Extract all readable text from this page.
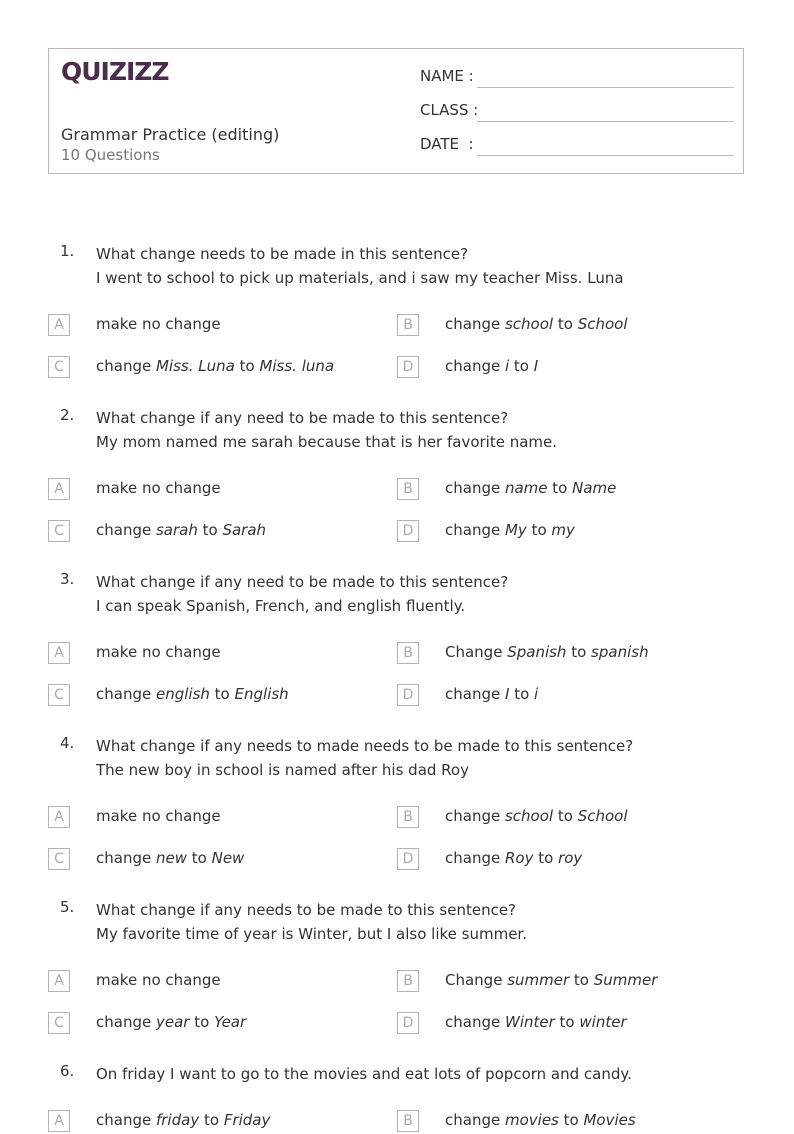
QUIZIZZ
Grammar Practice (editing)
10 Questions
NAME :
CLASS :
DATE  :
1. What change needs to be made in this sentence?
I went to school to pick up materials, and i saw my teacher Miss. Luna
A	make no change	B	change school to School
C	change Miss. Luna to Miss. luna	D	change i to I
2. What change if any need to be made to this sentence?
My mom named me sarah because that is her favorite name.
A	make no change	B	change name to Name
C	change sarah to Sarah	D	change My to my
3. What change if any need to be made to this sentence?
I can speak Spanish, French, and english fluently.
A	make no change	B	Change Spanish to spanish
C	change english to English	D	change I to i
4. What change if any needs to made needs to be made to this sentence?
The new boy in school is named after his dad Roy
A	make no change	B	change school to School
C	change new to New	D	change Roy to roy
5. What change if any needs to be made to this sentence?
My favorite time of year is Winter, but I also like summer.
A	make no change	B	Change summer to Summer
C	change year to Year	D	change Winter to winter
6. On friday I want to go to the movies and eat lots of popcorn and candy.
A	change friday to Friday	B	change movies to Movies
